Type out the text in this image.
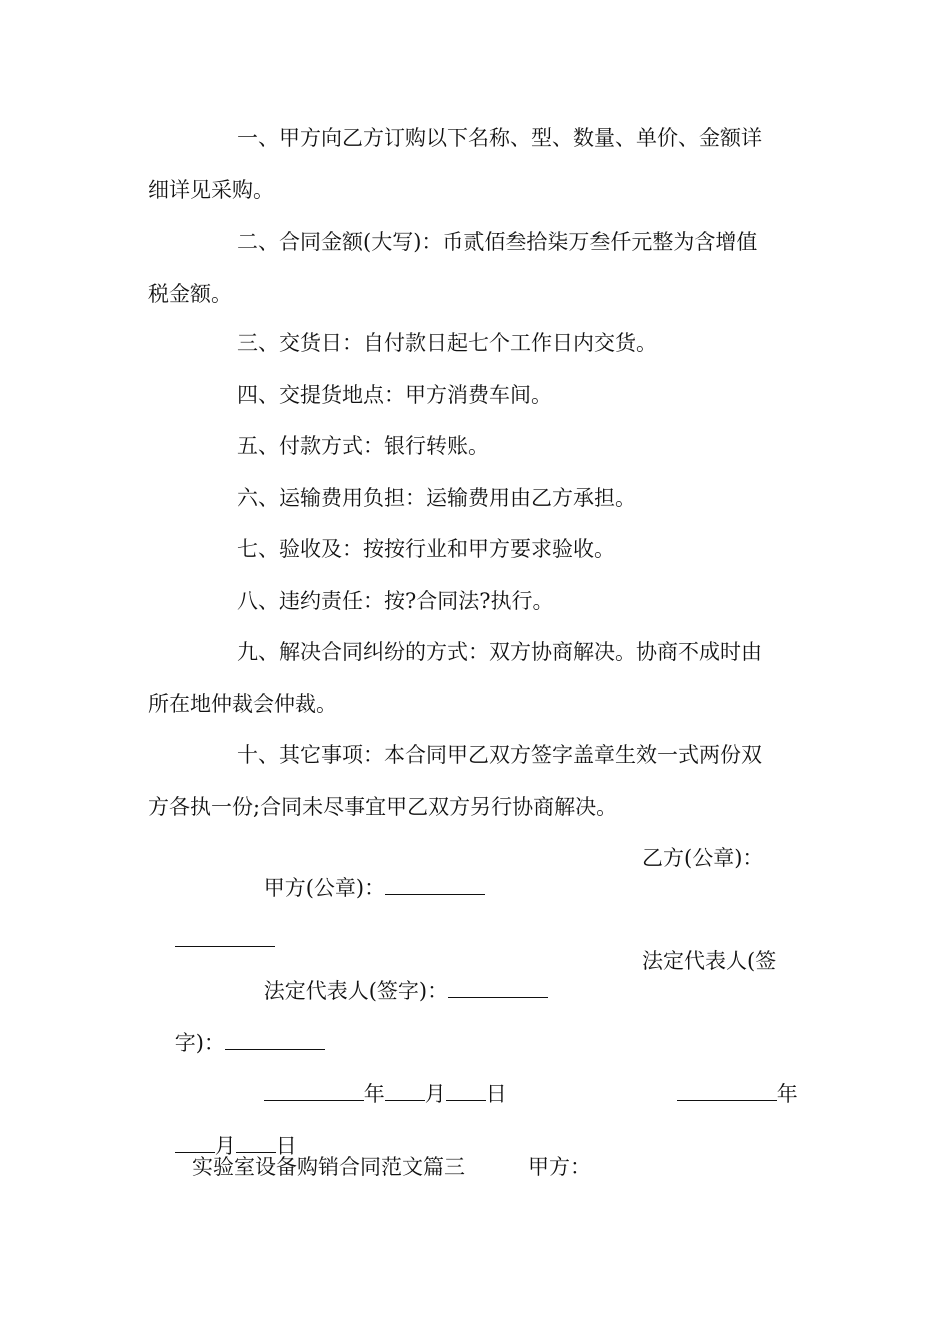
一、甲方向乙方订购以下名称、型、数量、单价、金额详
细详见采购。
二、合同金额(大写)：币贰佰叁拾柒万叁仟元整为含增值
税金额。
三、交货日：自付款日起七个工作日内交货。
四、交提货地点：甲方消费车间。
五、付款方式：银行转账。
六、运输费用负担：运输费用由乙方承担。
七、验收及：按按行业和甲方要求验收。
八、违约责任：按?合同法?执行。
九、解决合同纠纷的方式：双方协商解决。协商不成时由
所在地仲裁会仲裁。
十、其它事项：本合同甲乙双方签字盖章生效一式两份双
方各执一份;合同未尽事宜甲乙双方另行协商解决。

甲方(公章)：

乙方(公章)：

法定代表人(签字)：

法定代表人(签

字)：

年 月 日
	年

月 日

实验室设备购销合同范文篇三	甲方：
